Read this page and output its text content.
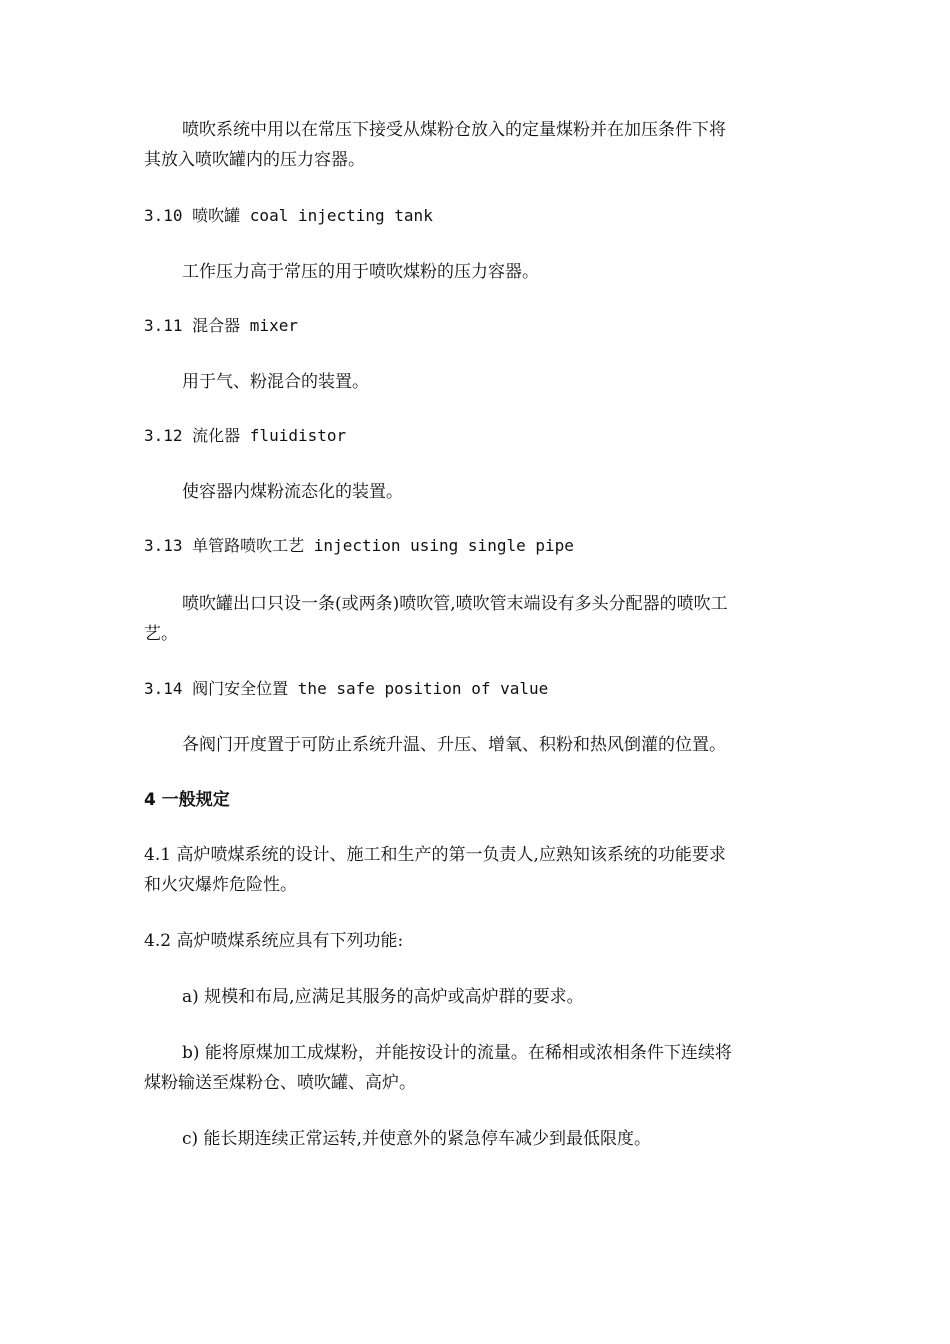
喷吹系统中用以在常压下接受从煤粉仓放入的定量煤粉并在加压条件下将

其放入喷吹罐内的压力容器。

3.10 喷吹罐 coal injecting tank

工作压力高于常压的用于喷吹煤粉的压力容器。

3.11 混合器 mixer

用于气、粉混合的装置。

3.12 流化器 fluidistor

使容器内煤粉流态化的装置。

3.13 单管路喷吹工艺 injection using single pipe

喷吹罐出口只设一条(或两条)喷吹管,喷吹管末端设有多头分配器的喷吹工

艺。

3.14 阀门安全位置 the safe position of value

各阀门开度置于可防止系统升温、升压、增氧、积粉和热风倒灌的位置。

4 一般规定

4.1 高炉喷煤系统的设计、施工和生产的第一负责人,应熟知该系统的功能要求

和火灾爆炸危险性。

4.2 高炉喷煤系统应具有下列功能:

a) 规模和布局,应满足其服务的高炉或高炉群的要求。

b) 能将原煤加工成煤粉，并能按设计的流量。在稀相或浓相条件下连续将

煤粉输送至煤粉仓、喷吹罐、高炉。

c) 能长期连续正常运转,并使意外的紧急停车减少到最低限度。
